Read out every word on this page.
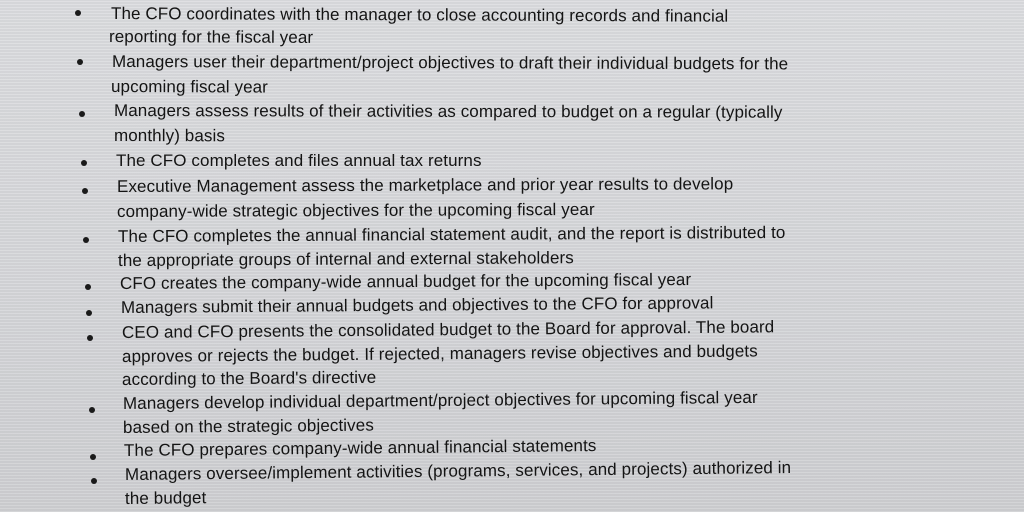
The CFO coordinates with the manager to close accounting records and financial
reporting for the fiscal year
Managers user their department/project objectives to draft their individual budgets for the
upcoming fiscal year
Managers assess results of their activities as compared to budget on a regular (typically
monthly) basis
The CFO completes and files annual tax returns
Executive Management assess the marketplace and prior year results to develop
company-wide strategic objectives for the upcoming fiscal year
The CFO completes the annual financial statement audit, and the report is distributed to
the appropriate groups of internal and external stakeholders
CFO creates the company-wide annual budget for the upcoming fiscal year
Managers submit their annual budgets and objectives to the CFO for approval
CEO and CFO presents the consolidated budget to the Board for approval. The board
approves or rejects the budget. If rejected, managers revise objectives and budgets
according to the Board's directive
Managers develop individual department/project objectives for upcoming fiscal year
based on the strategic objectives
The CFO prepares company-wide annual financial statements
Managers oversee/implement activities (programs, services, and projects) authorized in
the budget
